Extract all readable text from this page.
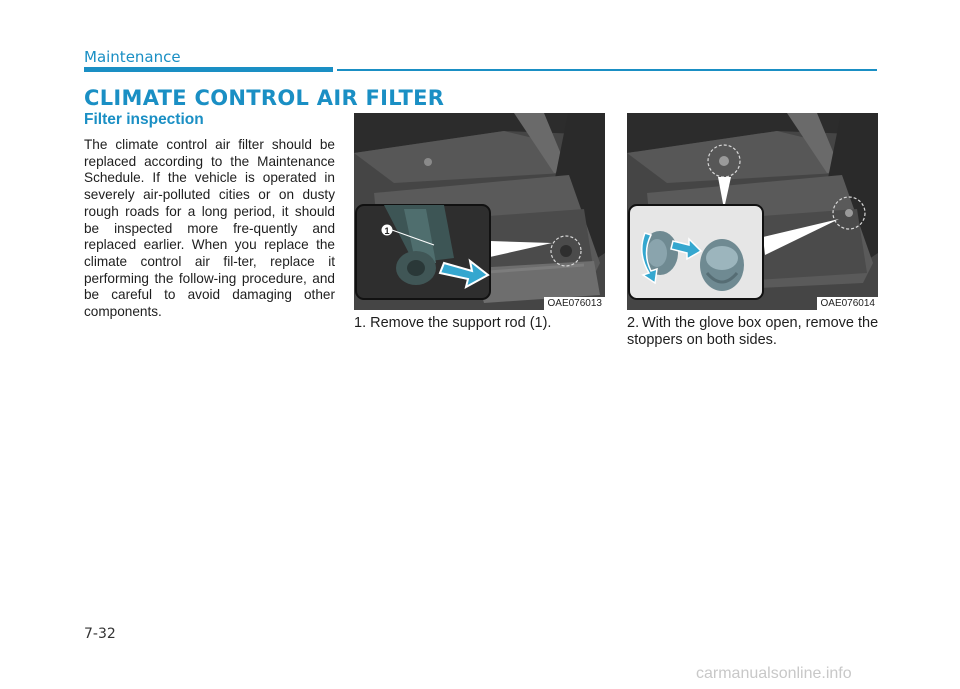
Maintenance
CLIMATE CONTROL AIR FILTER
Filter inspection
The climate control air filter should be replaced according to the Maintenance Schedule. If the vehicle is operated in severely air-polluted cities or on dusty rough roads for a long period, it should be inspected more fre-quently and replaced earlier. When you replace the climate control air fil-ter, replace it performing the follow-ing procedure, and be careful to avoid damaging other components.
1
OAE076013	OAE076014
1. Remove the support rod (1).	2. With the glove box open, remove the stoppers on both sides.
7-32
carmanualsonline.info
